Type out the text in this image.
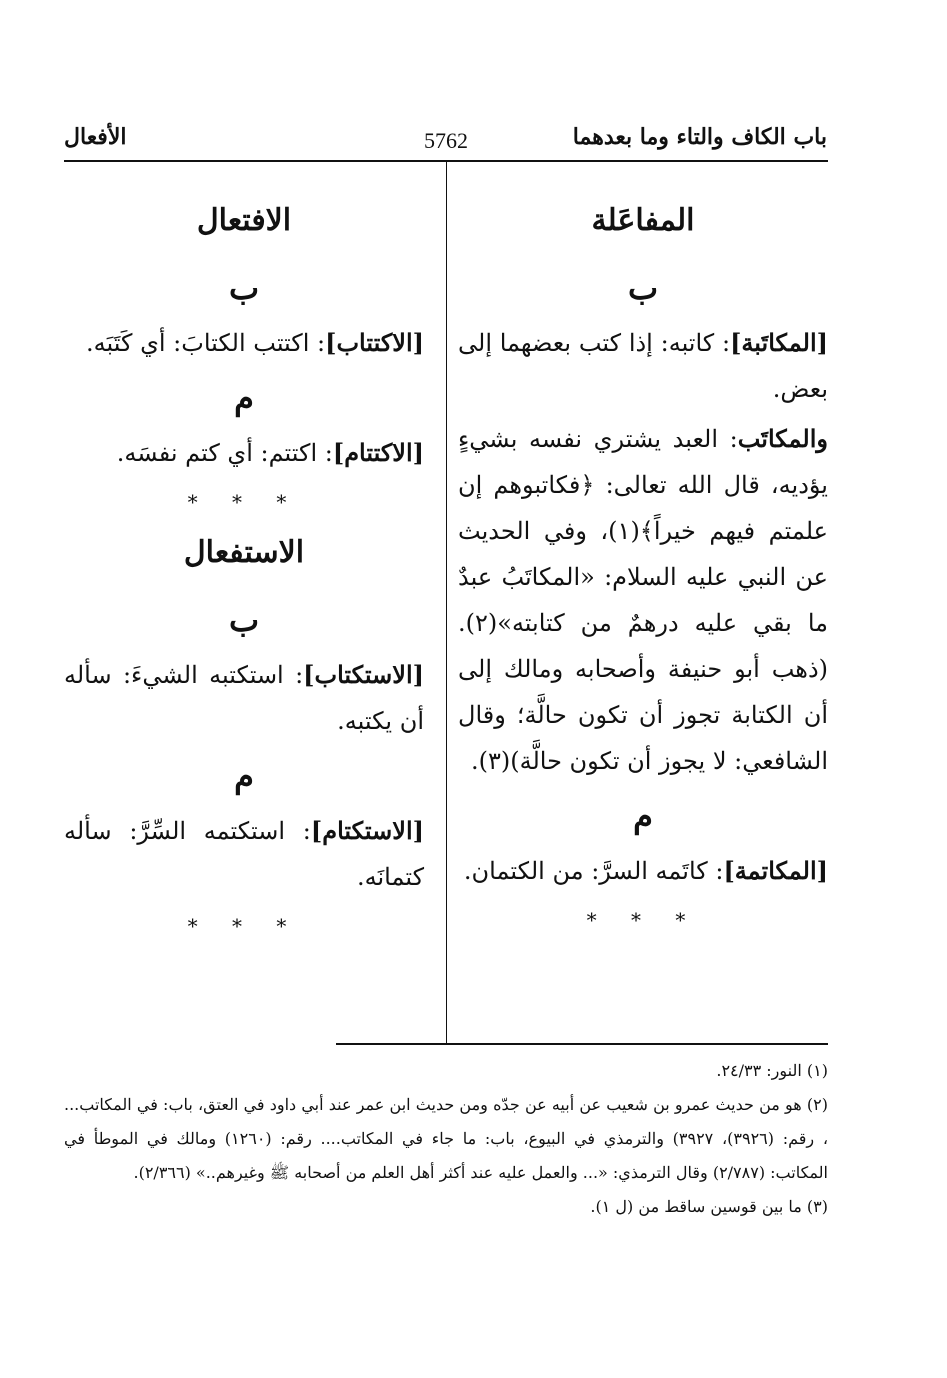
باب الكاف والتاء وما بعدهما
5762
الأفعال
المفاعَلة
ب
[المكاتَبة]: كاتبه: إذا كتب بعضهما إلى بعض.
والمكاتَب: العبد يشتري نفسه بشيءٍ يؤديه، قال الله تعالى: ﴿فكاتبوهم إن علمتم فيهم خيراً﴾(١)، وفي الحديث عن النبي عليه السلام: «المكاتَبُ عبدٌ ما بقي عليه درهمٌ من كتابته»(٢). (ذهب أبو حنيفة وأصحابه ومالك إلى أن الكتابة تجوز أن تكون حالَّة؛ وقال الشافعي: لا يجوز أن تكون حالَّة)(٣).
م
[المكاتمة]: كاتَمه السرَّ: من الكتمان.
* * *
الافتعال
ب
[الاكتتاب]: اكتتب الكتابَ: أي كَتَبَه.
م
[الاكتتام]: اكتتم: أي كتم نفسَه.
* * *
الاستفعال
ب
[الاستكتاب]: استكتبه الشيءَ: سأله أن يكتبه.
م
[الاستكتام]: استكتمه السِّرَّ: سأله كتمانَه.
* * *

(١) النور: ٢٤/٣٣.

(٢) هو من حديث عمرو بن شعيب عن أبيه عن جدّه ومن حديث ابن عمر عند أبي داود في العتق، باب: في المكاتب... ، رقم: (٣٩٢٦)، ٣٩٢٧) والترمذي في البيوع، باب: ما جاء في المكاتب.... رقم: (١٢٦٠) ومالك في الموطأ في المكاتب: (٢/٧٨٧) وقال الترمذي: «... والعمل عليه عند أكثر أهل العلم من أصحابه ﷺ وغيرهم..» (٢/٣٦٦).

(٣) ما بين قوسين ساقط من (ل ١).
